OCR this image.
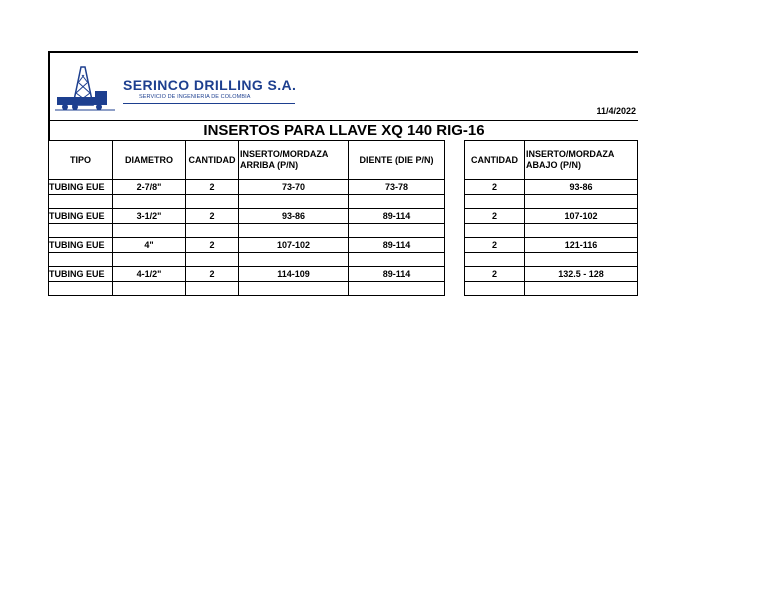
SERINCO DRILLING S.A.
SERVICIO DE INGENIERIA DE COLOMBIA
11/4/2022
INSERTOS PARA LLAVE XQ 140 RIG-16
TIPO	DIAMETRO	CANTIDAD	INSERTO/MORDAZA ARRIBA (P/N)	DIENTE (DIE P/N)		CANTIDAD	INSERTO/MORDAZA ABAJO (P/N)
TUBING EUE	2-7/8"	2	73-70	73-78		2	93-86

TUBING EUE	3-1/2"	2	93-86	89-114		2	107-102

TUBING EUE	4"	2	107-102	89-114		2	121-116

TUBING EUE	4-1/2"	2	114-109	89-114		2	132.5 - 128
